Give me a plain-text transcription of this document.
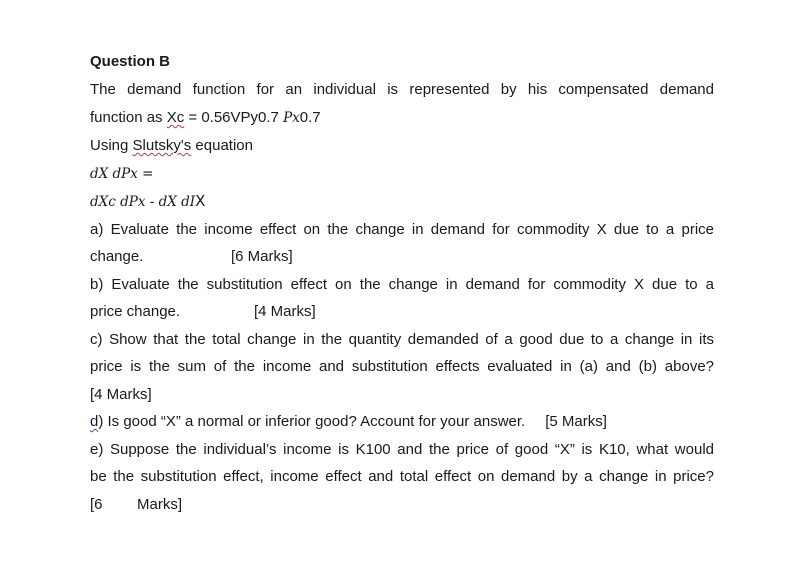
Question B
The demand function for an individual is represented by his compensated demand
function as Xc = 0.56VPy0.7 Px0.7
Using Slutsky's equation
dX dPx =
dXc dPx - dX dIX
a) Evaluate the income effect on the change in demand for commodity X due to a price
change.	[6 Marks]
b) Evaluate the substitution effect on the change in demand for commodity X due to a
price change.	[4 Marks]
c) Show that the total change in the quantity demanded of a good due to a change in its
price is the sum of the income and substitution effects evaluated in (a) and (b) above?
[4 Marks]
d) Is good “X” a normal or inferior good? Account for your answer. [5 Marks]
e) Suppose the individual’s income is K100 and the price of good “X” is K10, what would
be the substitution effect, income effect and total effect on demand by a change in price?
[6 Marks]
